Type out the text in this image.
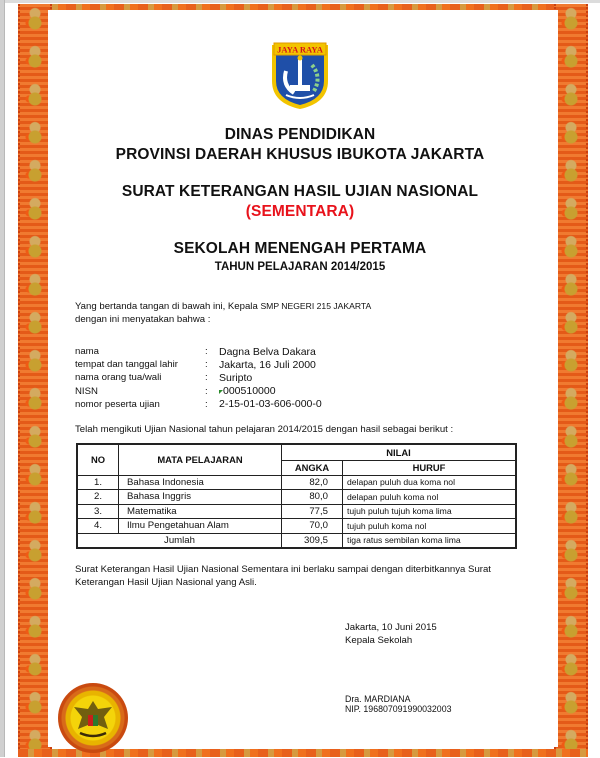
JAYA RAYA
DINAS PENDIDIKAN
PROVINSI DAERAH KHUSUS IBUKOTA JAKARTA
SURAT KETERANGAN HASIL UJIAN NASIONAL
(SEMENTARA)
SEKOLAH MENENGAH PERTAMA
TAHUN PELAJARAN 2014/2015
Yang bertanda tangan di bawah ini, Kepala SMP NEGERI 215 JAKARTA
dengan ini menyatakan bahwa :
nama	:	Dagna Belva Dakara
tempat dan tanggal lahir	:	Jakarta, 16 Juli 2000
nama orang tua/wali	:	Suripto
NISN	:	000510000
nomor peserta ujian	:	2-15-01-03-606-000-0
Telah mengikuti Ujian Nasional tahun pelajaran 2014/2015 dengan hasil sebagai berikut :
NO	MATA PELAJARAN	NILAI	
		ANGKA	HURUF
1.	Bahasa Indonesia	82,0	delapan puluh dua koma nol
2.	Bahasa Inggris	80,0	delapan puluh koma nol
3.	Matematika	77,5	tujuh puluh tujuh koma lima
4.	Ilmu Pengetahuan Alam	70,0	tujuh puluh koma nol
Jumlah		309,5	tiga ratus sembilan koma lima
Surat Keterangan Hasil Ujian Nasional Sementara ini berlaku sampai dengan diterbitkannya Surat
Keterangan Hasil Ujian Nasional yang Asli.
Jakarta, 10 Juni 2015
Kepala Sekolah
Dra. MARDIANA
NIP. 196807091990032003
